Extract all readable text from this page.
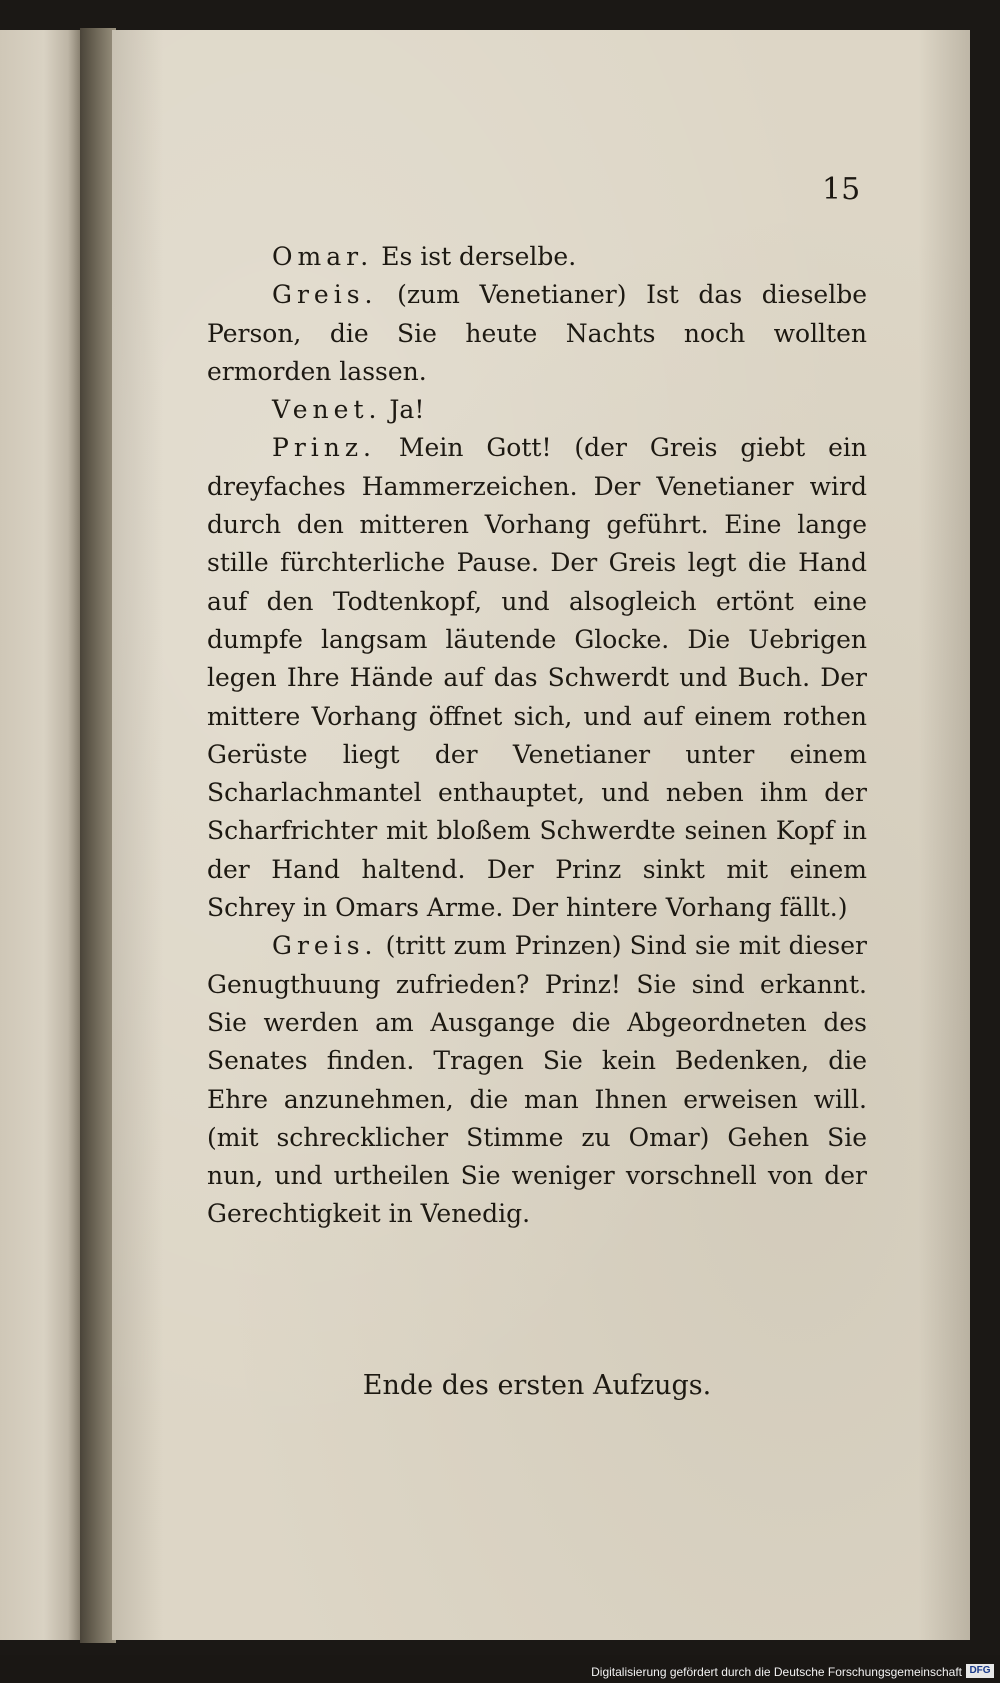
15

Omar. Es ist derselbe.

Greis. (zum Venetianer) Ist das dieselbe Person, die Sie heute Nachts noch wollten ermorden lassen.

Venet. Ja!

Prinz. Mein Gott! (der Greis giebt ein dreyfaches Hammerzeichen. Der Venetianer wird durch den mitteren Vorhang geführt. Eine lange stille fürchterliche Pause. Der Greis legt die Hand auf den Todtenkopf, und alsogleich ertönt eine dumpfe langsam läutende Glocke. Die Uebrigen legen Ihre Hände auf das Schwerdt und Buch. Der mittere Vorhang öffnet sich, und auf einem rothen Gerüste liegt der Venetianer unter einem Scharlachmantel enthauptet, und neben ihm der Scharfrichter mit bloßem Schwerdte seinen Kopf in der Hand haltend. Der Prinz sinkt mit einem Schrey in Omars Arme. Der hintere Vorhang fällt.)

Greis. (tritt zum Prinzen) Sind sie mit dieser Genugthuung zufrieden? Prinz! Sie sind erkannt. Sie werden am Ausgange die Abgeordneten des Senates finden. Tragen Sie kein Bedenken, die Ehre anzunehmen, die man Ihnen erweisen will. (mit schrecklicher Stimme zu Omar) Gehen Sie nun, und urtheilen Sie weniger vorschnell von der Gerechtigkeit in Venedig.

Ende des ersten Aufzugs.
Digitalisierung gefördert durch die Deutsche Forschungsgemeinschaft DFG
